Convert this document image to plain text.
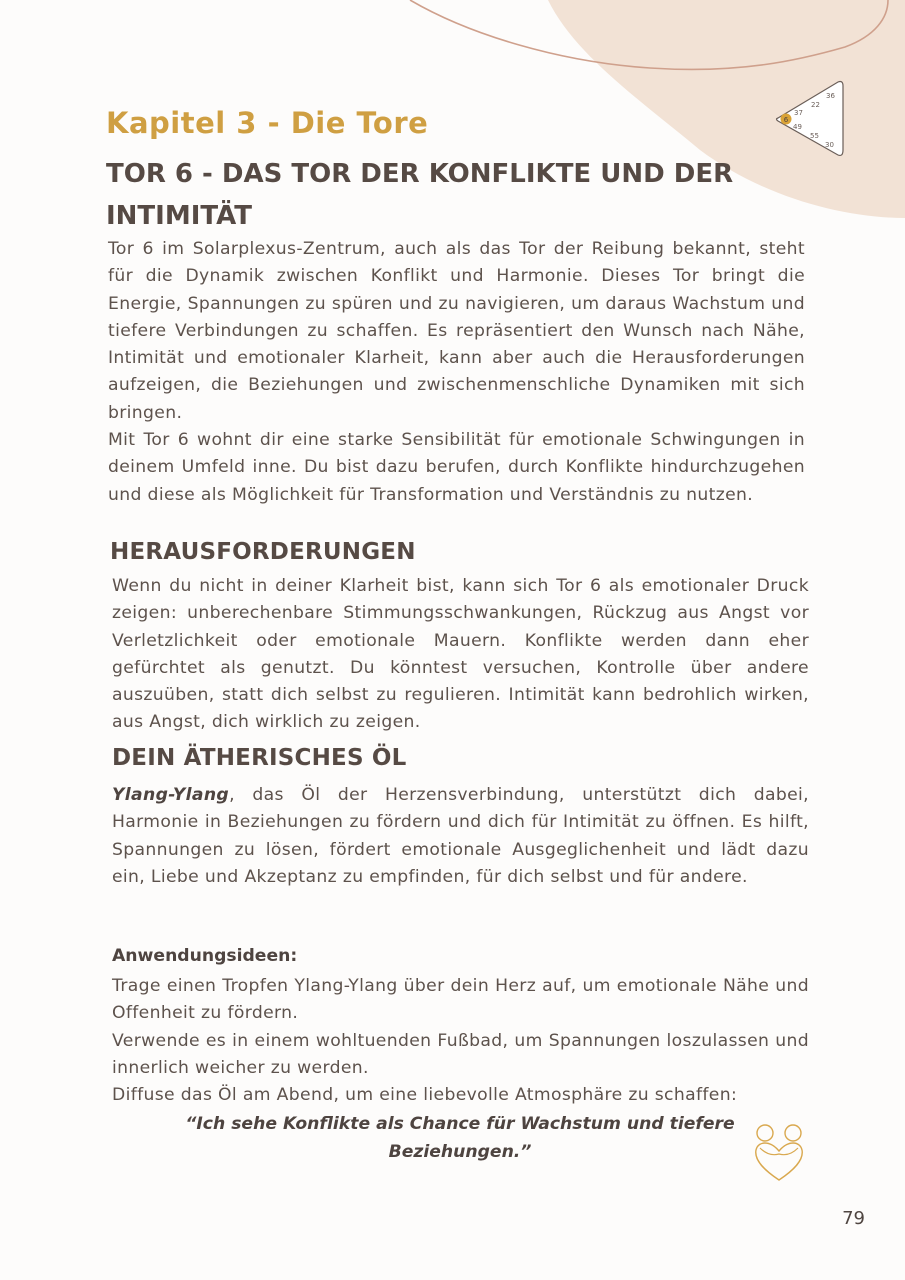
6
36
22
37
49
55
30
Kapitel 3 - Die Tore
TOR 6 - DAS TOR DER KONFLIKTE UND DER INTIMITÄT

Tor 6 im Solarplexus-Zentrum, auch als das Tor der Reibung bekannt, steht für die Dynamik zwischen Konflikt und Harmonie. Dieses Tor bringt die Energie, Spannungen zu spüren und zu navigieren, um daraus Wachstum und tiefere Verbindungen zu schaffen. Es repräsentiert den Wunsch nach Nähe, Intimität und emotionaler Klarheit, kann aber auch die Herausforderungen aufzeigen, die Beziehungen und zwischenmenschliche Dynamiken mit sich bringen.

Mit Tor 6 wohnt dir eine starke Sensibilität für emotionale Schwingungen in deinem Umfeld inne. Du bist dazu berufen, durch Konflikte hindurchzugehen und diese als Möglichkeit für Transformation und Verständnis zu nutzen.

HERAUSFORDERUNGEN

Wenn du nicht in deiner Klarheit bist, kann sich Tor 6 als emotionaler Druck zeigen: unberechenbare Stimmungsschwankungen, Rückzug aus Angst vor Verletzlichkeit oder emotionale Mauern. Konflikte werden dann eher gefürchtet als genutzt. Du könntest versuchen, Kontrolle über andere auszuüben, statt dich selbst zu regulieren. Intimität kann bedrohlich wirken, aus Angst, dich wirklich zu zeigen.

DEIN ÄTHERISCHES ÖL

Ylang-Ylang, das Öl der Herzensverbindung, unterstützt dich dabei, Harmonie in Beziehungen zu fördern und dich für Intimität zu öffnen. Es hilft, Spannungen zu lösen, fördert emotionale Ausgeglichenheit und lädt dazu ein, Liebe und Akzeptanz zu empfinden, für dich selbst und für andere.

Anwendungsideen:

Trage einen Tropfen Ylang-Ylang über dein Herz auf, um emotionale Nähe und Offenheit zu fördern.

Verwende es in einem wohltuenden Fußbad, um Spannungen loszulassen und innerlich weicher zu werden.

Diffuse das Öl am Abend, um eine liebevolle Atmosphäre zu schaffen:

“Ich sehe Konflikte als Chance für Wachstum und tiefere Beziehungen.”

79
